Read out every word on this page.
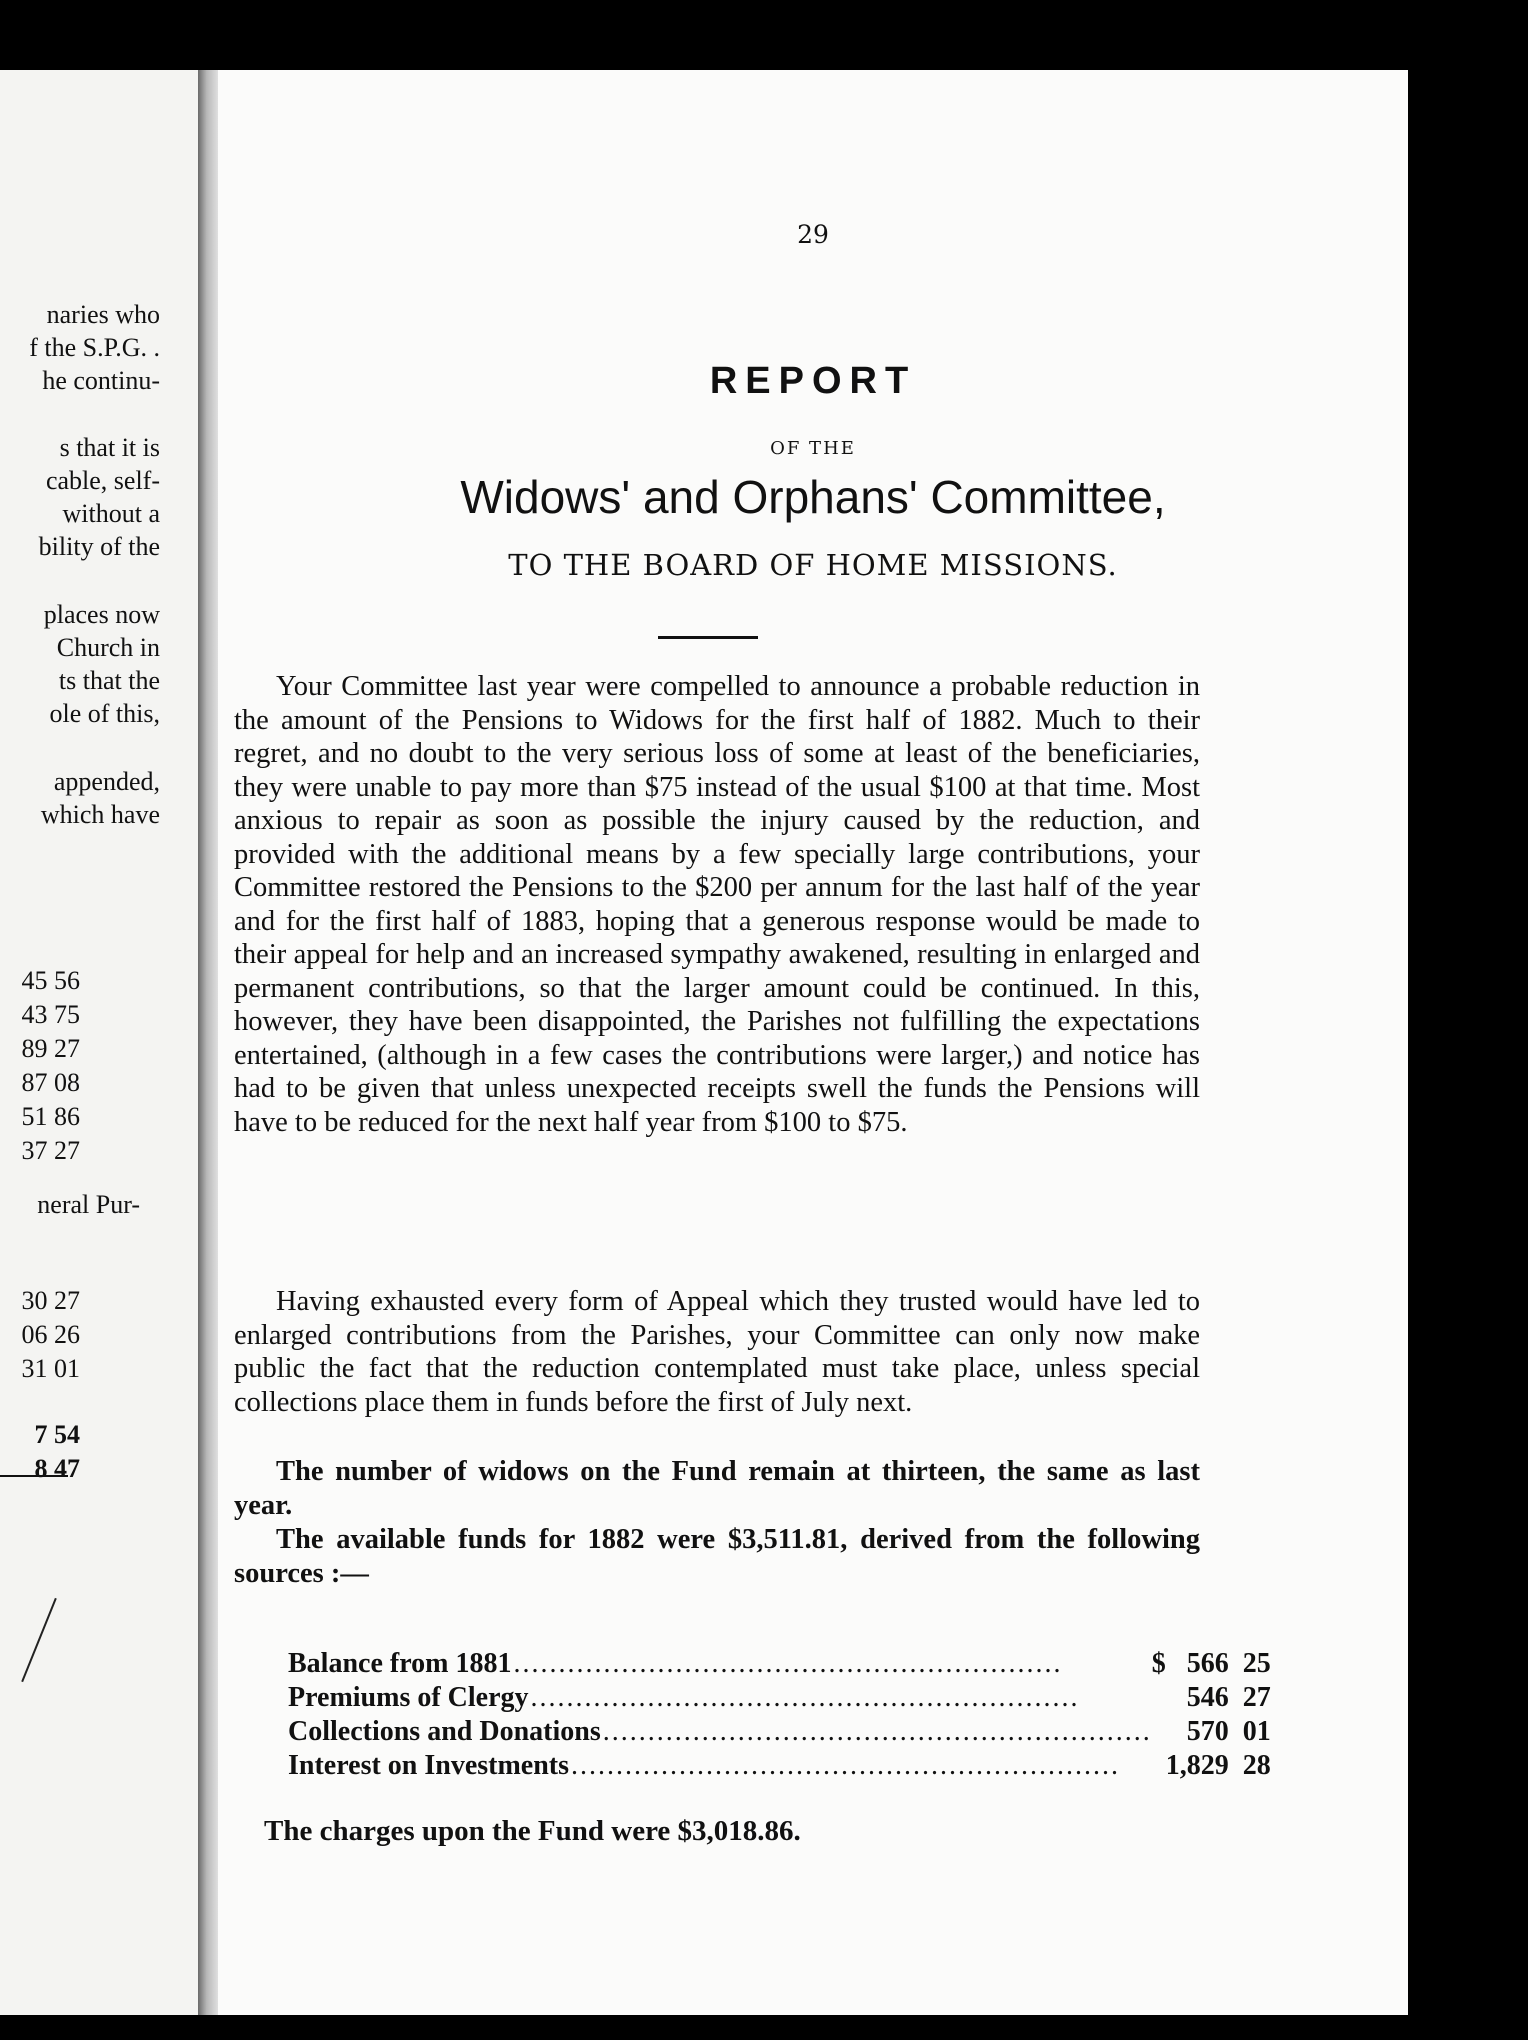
naries who
f the S.P.G. .
he continu-
s that it is
cable, self-
without a
bility of the
places now
Church in
ts that the
ole of this,
appended,
which have
45 56
43 75
89 27
87 08
51 86
37 27
neral Pur-
30 27
06 26
31 01
7 54
8 47
29
REPORT
OF THE
Widows' and Orphans' Committee,
TO THE BOARD OF HOME MISSIONS.

Your Committee last year were compelled to announce a probable reduction in the amount of the Pensions to Widows for the first half of 1882. Much to their regret, and no doubt to the very serious loss of some at least of the beneficiaries, they were unable to pay more than $75 instead of the usual $100 at that time. Most anxious to repair as soon as possible the injury caused by the reduction, and provided with the additional means by a few specially large contributions, your Committee restored the Pensions to the $200 per annum for the last half of the year and for the first half of 1883, hoping that a generous response would be made to their appeal for help and an increased sympathy awakened, resulting in enlarged and permanent contributions, so that the larger amount could be continued. In this, however, they have been disappointed, the Parishes not fulfilling the expectations entertained, (although in a few cases the contributions were larger,) and notice has had to be given that unless unexpected receipts swell the funds the Pensions will have to be reduced for the next half year from $100 to $75.

Having exhausted every form of Appeal which they trusted would have led to enlarged contributions from the Parishes, your Committee can only now make public the fact that the reduction contemplated must take place, unless special collections place them in funds before the first of July next.

The number of widows on the Fund remain at thirteen, the same as last year.

The available funds for 1882 were $3,511.81, derived from the following sources :—

Balance from 1881.............................................................	$	566	25
Premiums of Clergy.............................................................		546	27
Collections and Donations.............................................................		570	01
Interest on Investments.............................................................		1,829	28
The charges upon the Fund were $3,018.86.
